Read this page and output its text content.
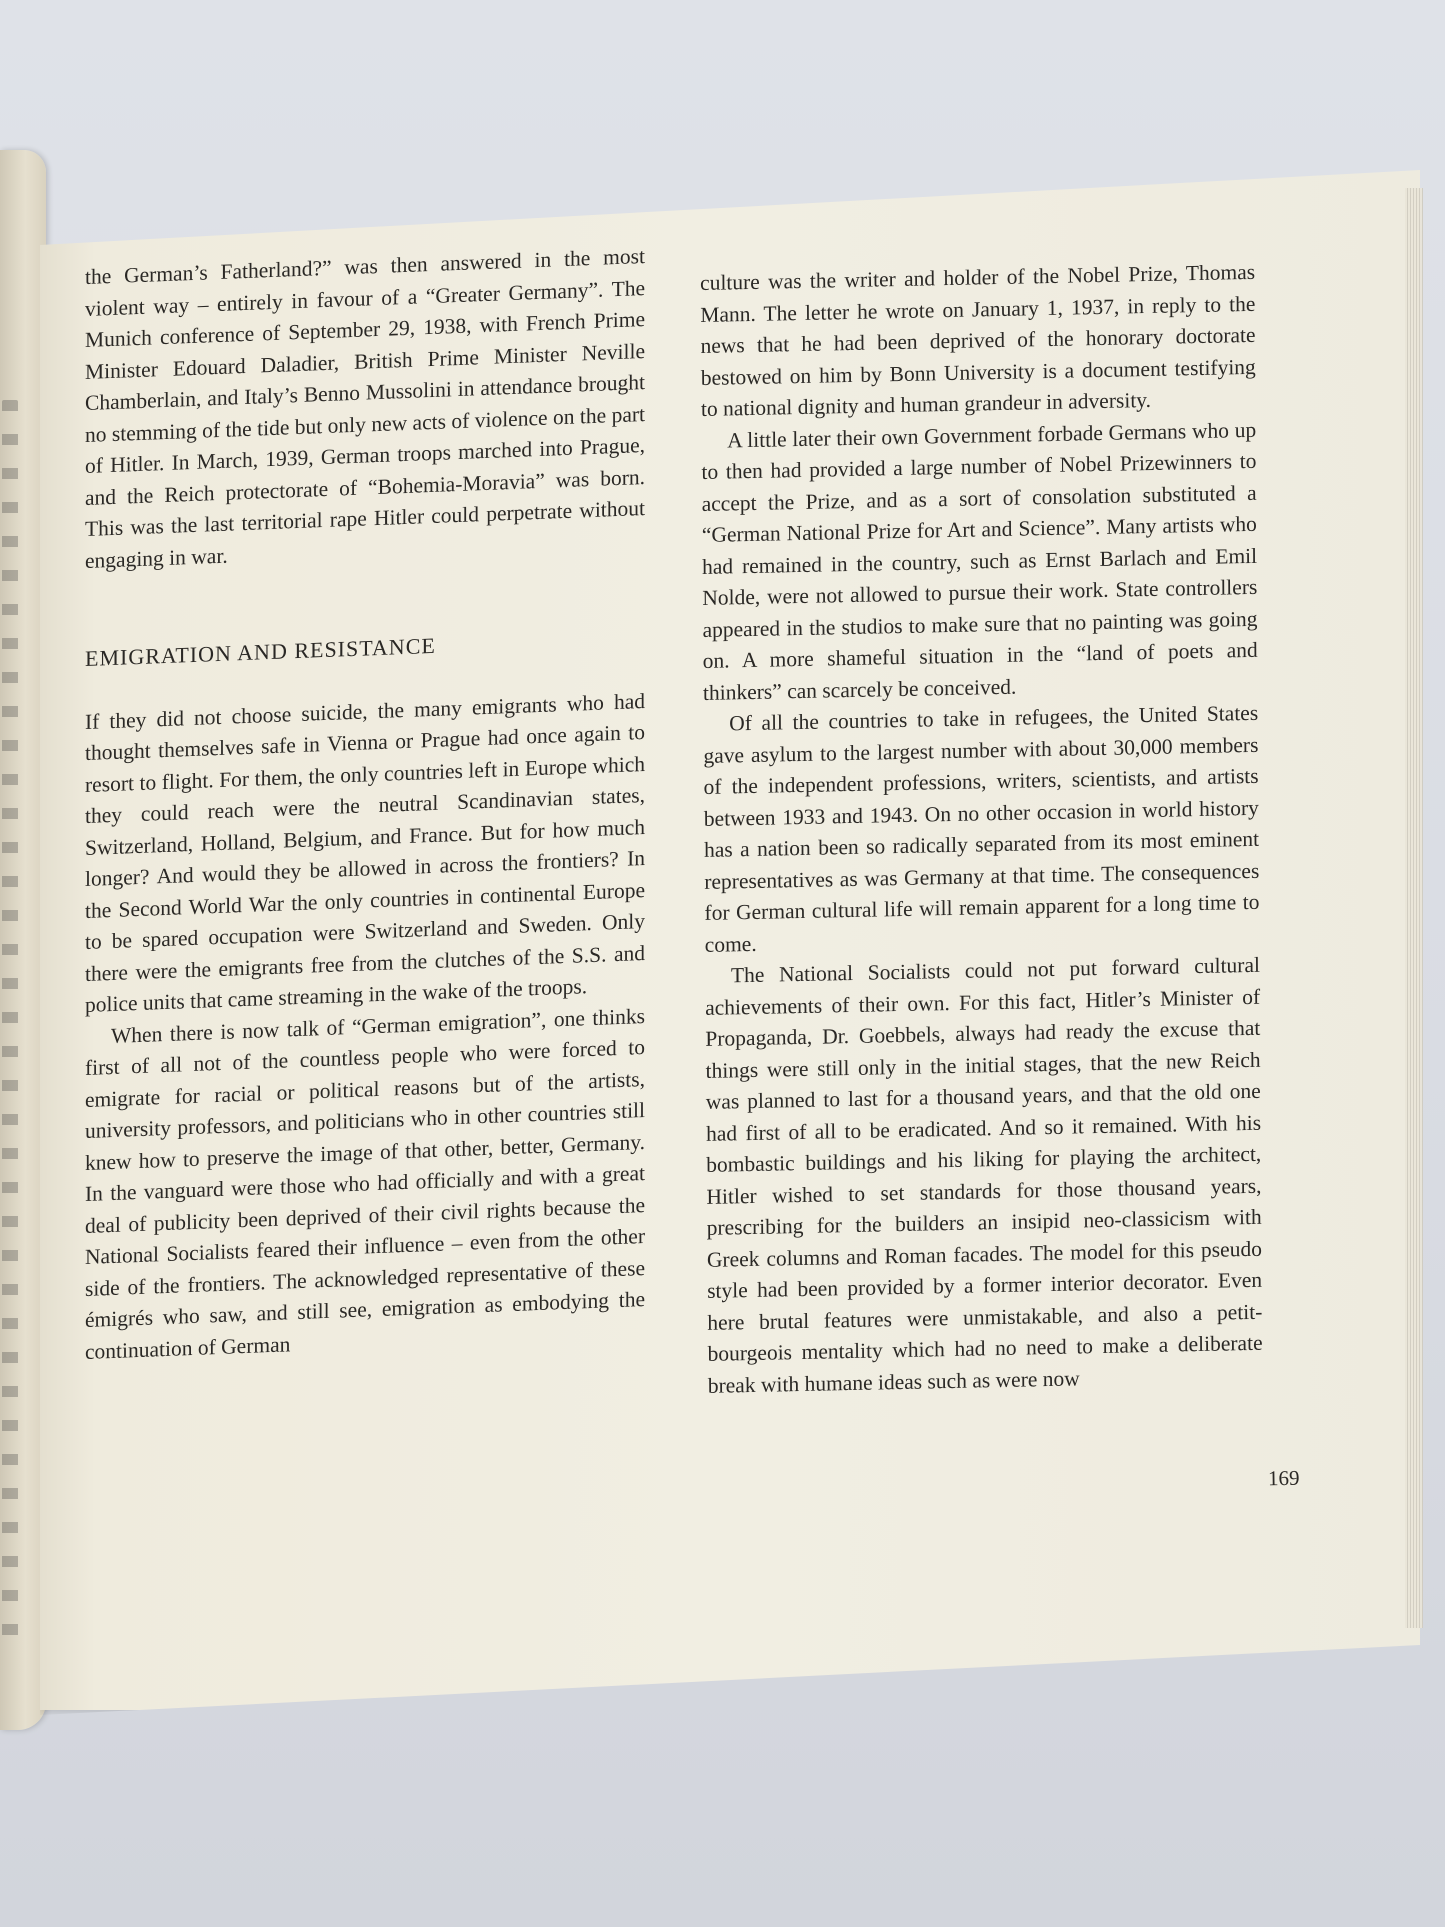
the German’s Fatherland?” was then answered in the most violent way – entirely in favour of a “Greater Germany”. The Munich conference of September 29, 1938, with French Prime Minister Edouard Daladier, British Prime Minister Neville Chamberlain, and Italy’s Benno Mussolini in attendance brought no stemming of the tide but only new acts of violence on the part of Hitler. In March, 1939, German troops marched into Prague, and the Reich protectorate of “Bohemia-Moravia” was born. This was the last territorial rape Hitler could perpetrate without engaging in war.

EMIGRATION AND RESISTANCE

If they did not choose suicide, the many emigrants who had thought themselves safe in Vienna or Prague had once again to resort to flight. For them, the only countries left in Europe which they could reach were the neutral Scandinavian states, Switzerland, Holland, Belgium, and France. But for how much longer? And would they be allowed in across the frontiers? In the Second World War the only countries in continental Europe to be spared occupation were Switzerland and Sweden. Only there were the emigrants free from the clutches of the S.S. and police units that came streaming in the wake of the troops.

When there is now talk of “German emigration”, one thinks first of all not of the countless people who were forced to emigrate for racial or political reasons but of the artists, university professors, and politicians who in other countries still knew how to preserve the image of that other, better, Germany. In the vanguard were those who had officially and with a great deal of publicity been deprived of their civil rights because the National Socialists feared their influence – even from the other side of the frontiers. The acknowledged representative of these émigrés who saw, and still see, emigration as embodying the continuation of German

culture was the writer and holder of the Nobel Prize, Thomas Mann. The letter he wrote on January 1, 1937, in reply to the news that he had been deprived of the honorary doctorate bestowed on him by Bonn University is a document testifying to national dignity and human grandeur in adversity.

A little later their own Government forbade Germans who up to then had provided a large number of Nobel Prizewinners to accept the Prize, and as a sort of consolation substituted a “German National Prize for Art and Science”. Many artists who had remained in the country, such as Ernst Barlach and Emil Nolde, were not allowed to pursue their work. State controllers appeared in the studios to make sure that no painting was going on. A more shameful situation in the “land of poets and thinkers” can scarcely be conceived.

Of all the countries to take in refugees, the United States gave asylum to the largest number with about 30,000 members of the independent professions, writers, scientists, and artists between 1933 and 1943. On no other occasion in world history has a nation been so radically separated from its most eminent representatives as was Germany at that time. The consequences for German cultural life will remain apparent for a long time to come.

The National Socialists could not put forward cultural achievements of their own. For this fact, Hitler’s Minister of Propaganda, Dr. Goebbels, always had ready the excuse that things were still only in the initial stages, that the new Reich was planned to last for a thousand years, and that the old one had first of all to be eradicated. And so it remained. With his bombastic buildings and his liking for playing the architect, Hitler wished to set standards for those thousand years, prescribing for the builders an insipid neo-classicism with Greek columns and Roman facades. The model for this pseudo style had been provided by a former interior decorator. Even here brutal features were unmistakable, and also a petit-bourgeois mentality which had no need to make a deliberate break with humane ideas such as were now

169
